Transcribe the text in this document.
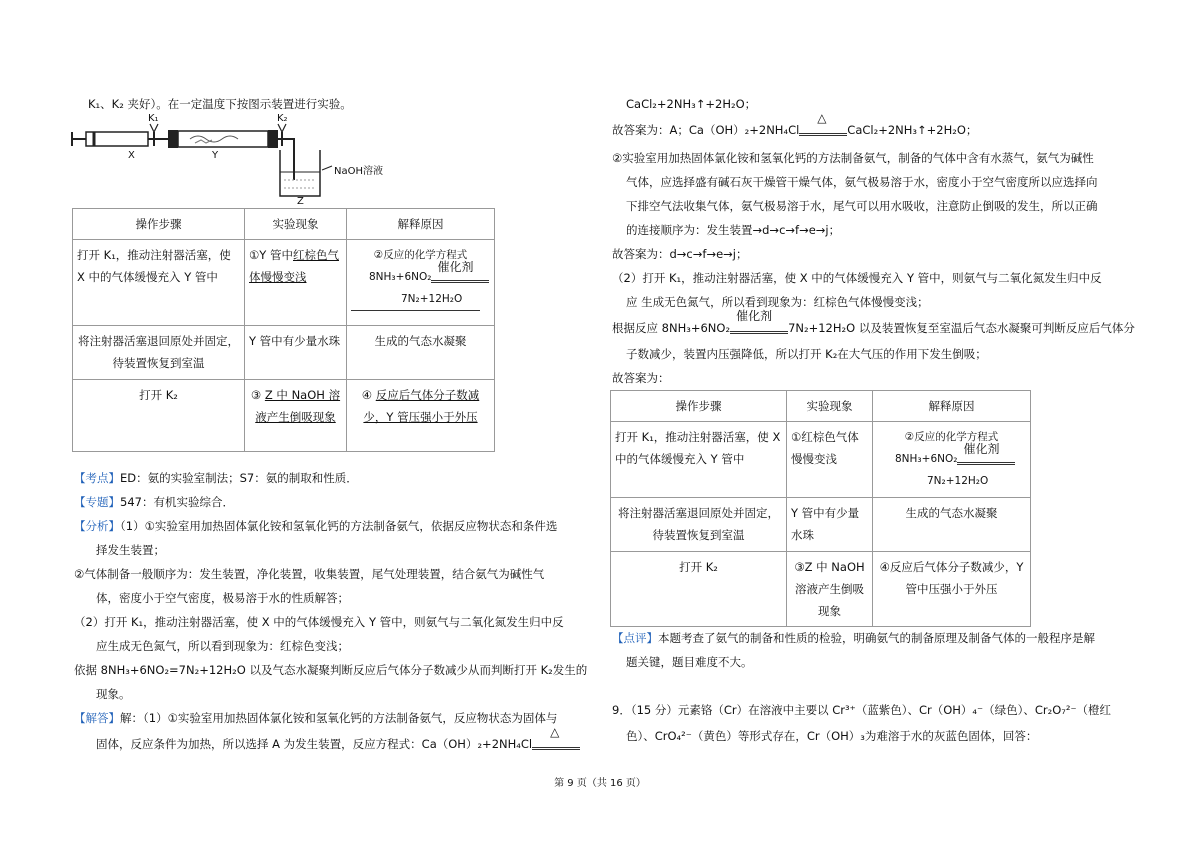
K₁、K₂ 夹好）。在一定温度下按图示装置进行实验。
K₁	K₂
X	Y
NaOH溶液
Z
操作步骤	实验现象	解释原因
打开 K₁，推动注射器活塞，使 X 中的气体缓慢充入 Y 管中	①Y 管中红棕色气体慢慢变浅	②反应的化学方程式
8NH₃+6NO₂
催化剂
7N₂+12H₂O

将注射器活塞退回原处并固定，待装置恢复到室温	Y 管中有少量水珠	生成的气态水凝聚
打开 K₂	③ Z 中 NaOH 溶液产生倒吸现象	④ 反应后气体分子数减少，Y 管压强小于外压
【考点】ED：氨的实验室制法；S7：氨的制取和性质．
【专题】547：有机实验综合．
【分析】（1）①实验室用加热固体氯化铵和氢氧化钙的方法制备氨气，依据反应物状态和条件选
择发生装置；
②气体制备一般顺序为：发生装置，净化装置，收集装置，尾气处理装置，结合氨气为碱性气
体，密度小于空气密度，极易溶于水的性质解答；
（2）打开 K₁，推动注射器活塞，使 X 中的气体缓慢充入 Y 管中，则氨气与二氧化氮发生归中反
应生成无色氮气，所以看到现象为：红棕色变浅；
依据 8NH₃+6NO₂=7N₂+12H₂O 以及气态水凝聚判断反应后气体分子数减少从而判断打开 K₂发生的
现象。
【解答】解：（1）①实验室用加热固体氯化铵和氢氧化钙的方法制备氨气，反应物状态为固体与
固体，反应条件为加热，所以选择 A 为发生装置，反应方程式：Ca（OH）₂+2NH₄Cl
△
CaCl₂+2NH₃↑+2H₂O；
故答案为：A；Ca（OH）₂+2NH₄Cl
△
CaCl₂+2NH₃↑+2H₂O；
②实验室用加热固体氯化铵和氢氧化钙的方法制备氨气，制备的气体中含有水蒸气，氨气为碱性
气体，应选择盛有碱石灰干燥管干燥气体，氨气极易溶于水，密度小于空气密度所以应选择向
下排空气法收集气体，氨气极易溶于水，尾气可以用水吸收，注意防止倒吸的发生，所以正确
的连接顺序为：发生装置→d→c→f→e→j；
故答案为：d→c→f→e→j；
（2）打开 K₁，推动注射器活塞，使 X 中的气体缓慢充入 Y 管中，则氨气与二氧化氮发生归中反
应 生成无色氮气，所以看到现象为：红棕色气体慢慢变浅；
根据反应 8NH₃+6NO₂
催化剂
7N₂+12H₂O 以及装置恢复至室温后气态水凝聚可判断反应后气体分
子数减少，装置内压强降低，所以打开 K₂在大气压的作用下发生倒吸；
故答案为：
操作步骤	实验现象	解释原因
打开 K₁，推动注射器活塞，使 X 中的气体缓慢充入 Y 管中	①红棕色气体慢慢变浅	②反应的化学方程式
8NH₃+6NO₂
催化剂
7N₂+12H₂O

将注射器活塞退回原处并固定，待装置恢复到室温	Y 管中有少量水珠	生成的气态水凝聚
打开 K₂	③Z 中 NaOH 溶液产生倒吸现象	④反应后气体分子数减少，Y 管中压强小于外压
【点评】本题考查了氨气的制备和性质的检验，明确氨气的制备原理及制备气体的一般程序是解
题关键，题目难度不大。
9．（15 分）元素铬（Cr）在溶液中主要以 Cr³⁺（蓝紫色）、Cr（OH）₄⁻（绿色）、Cr₂O₇²⁻（橙红
色）、CrO₄²⁻（黄色）等形式存在，Cr（OH）₃为难溶于水的灰蓝色固体，回答：
第 9 页（共 16 页）
